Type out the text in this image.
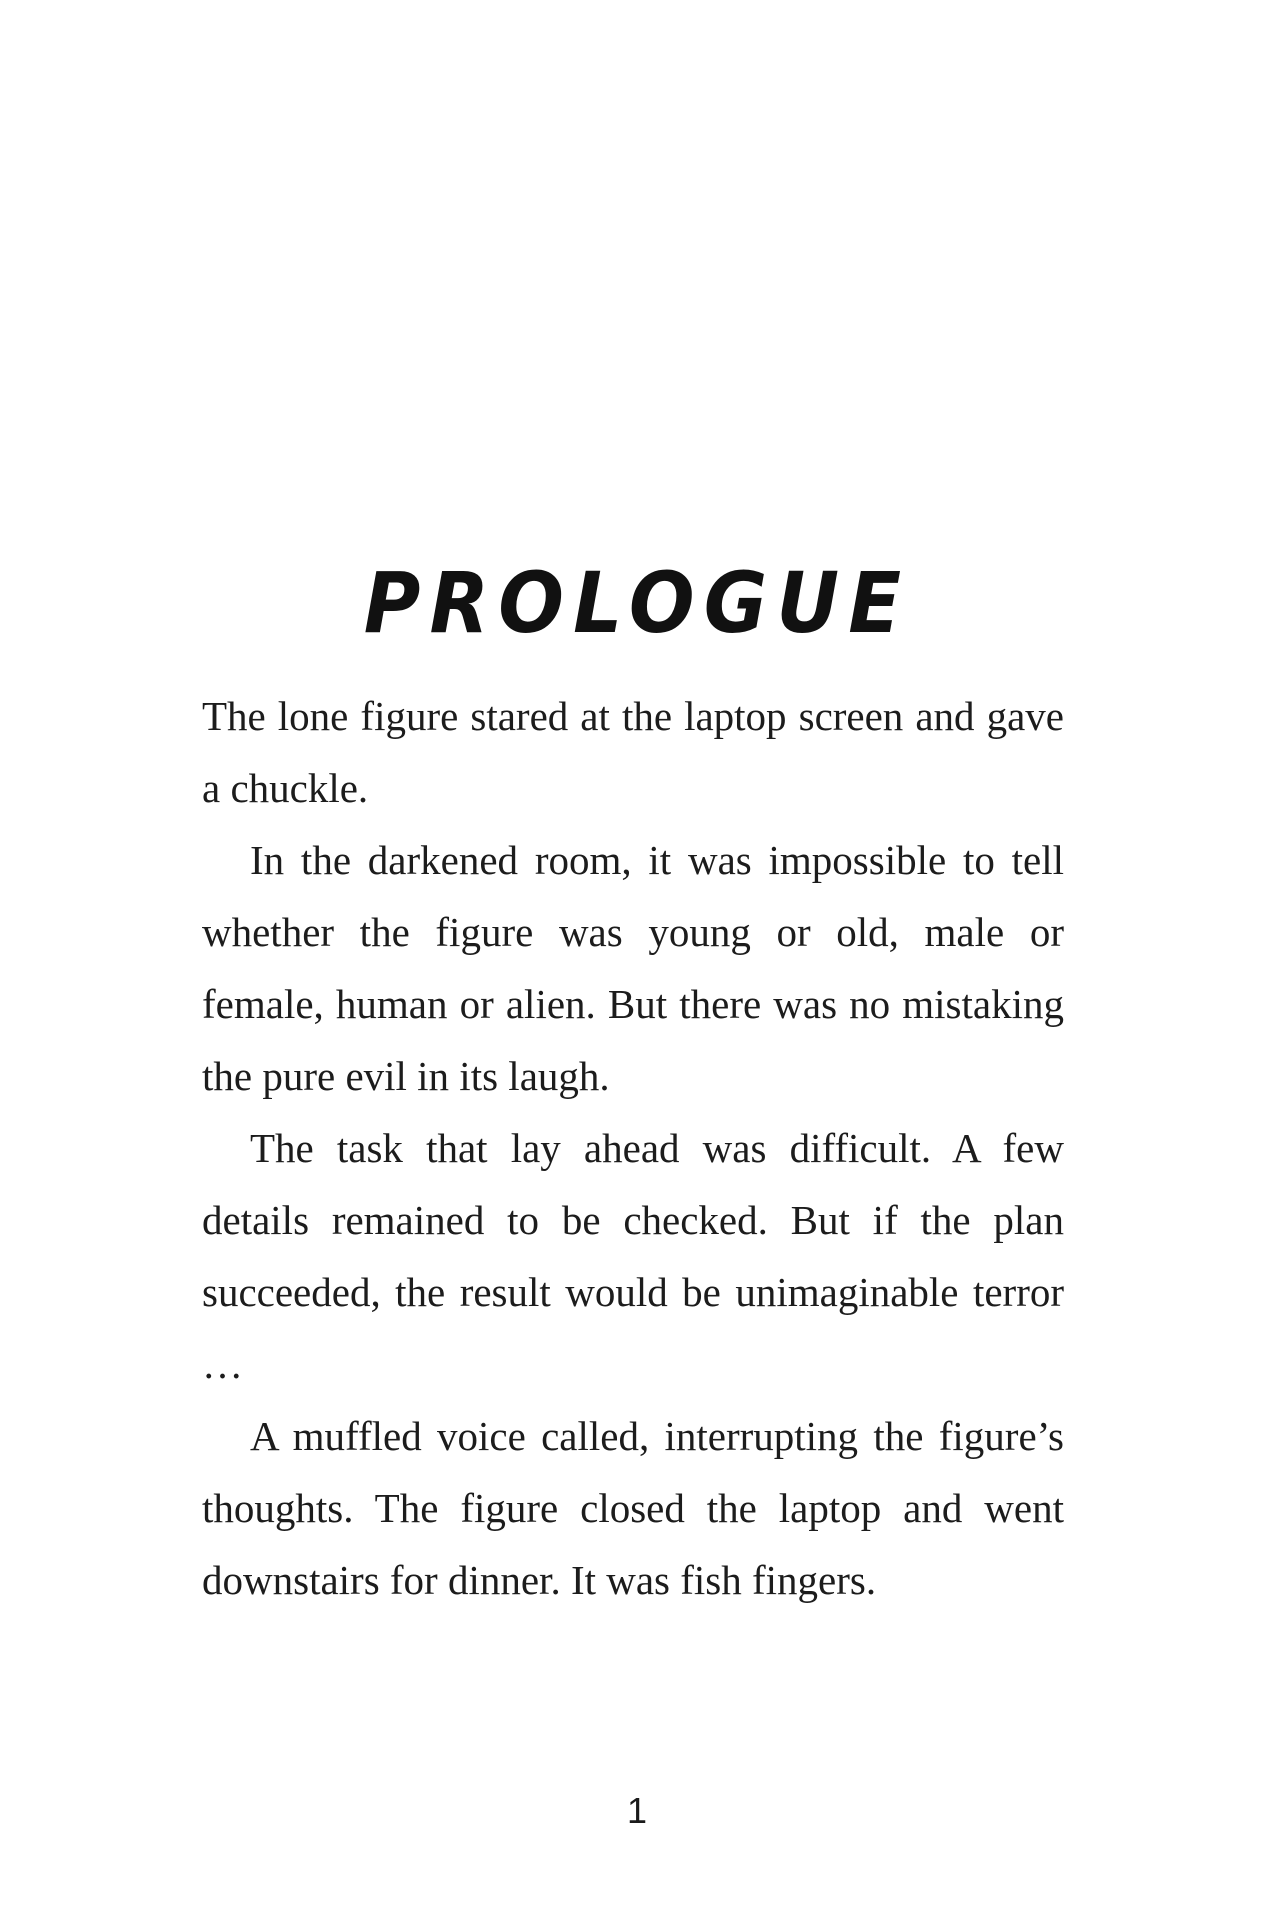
PROLOGUE

The lone figure stared at the laptop screen and gave a chuckle.

In the darkened room, it was impossible to tell whether the figure was young or old, male or female, human or alien. But there was no mistaking the pure evil in its laugh.

The task that lay ahead was difficult. A few details remained to be checked. But if the plan succeeded, the result would be unimaginable terror …

A muffled voice called, interrupting the figure’s thoughts. The figure closed the laptop and went downstairs for dinner. It was fish fingers.

1
